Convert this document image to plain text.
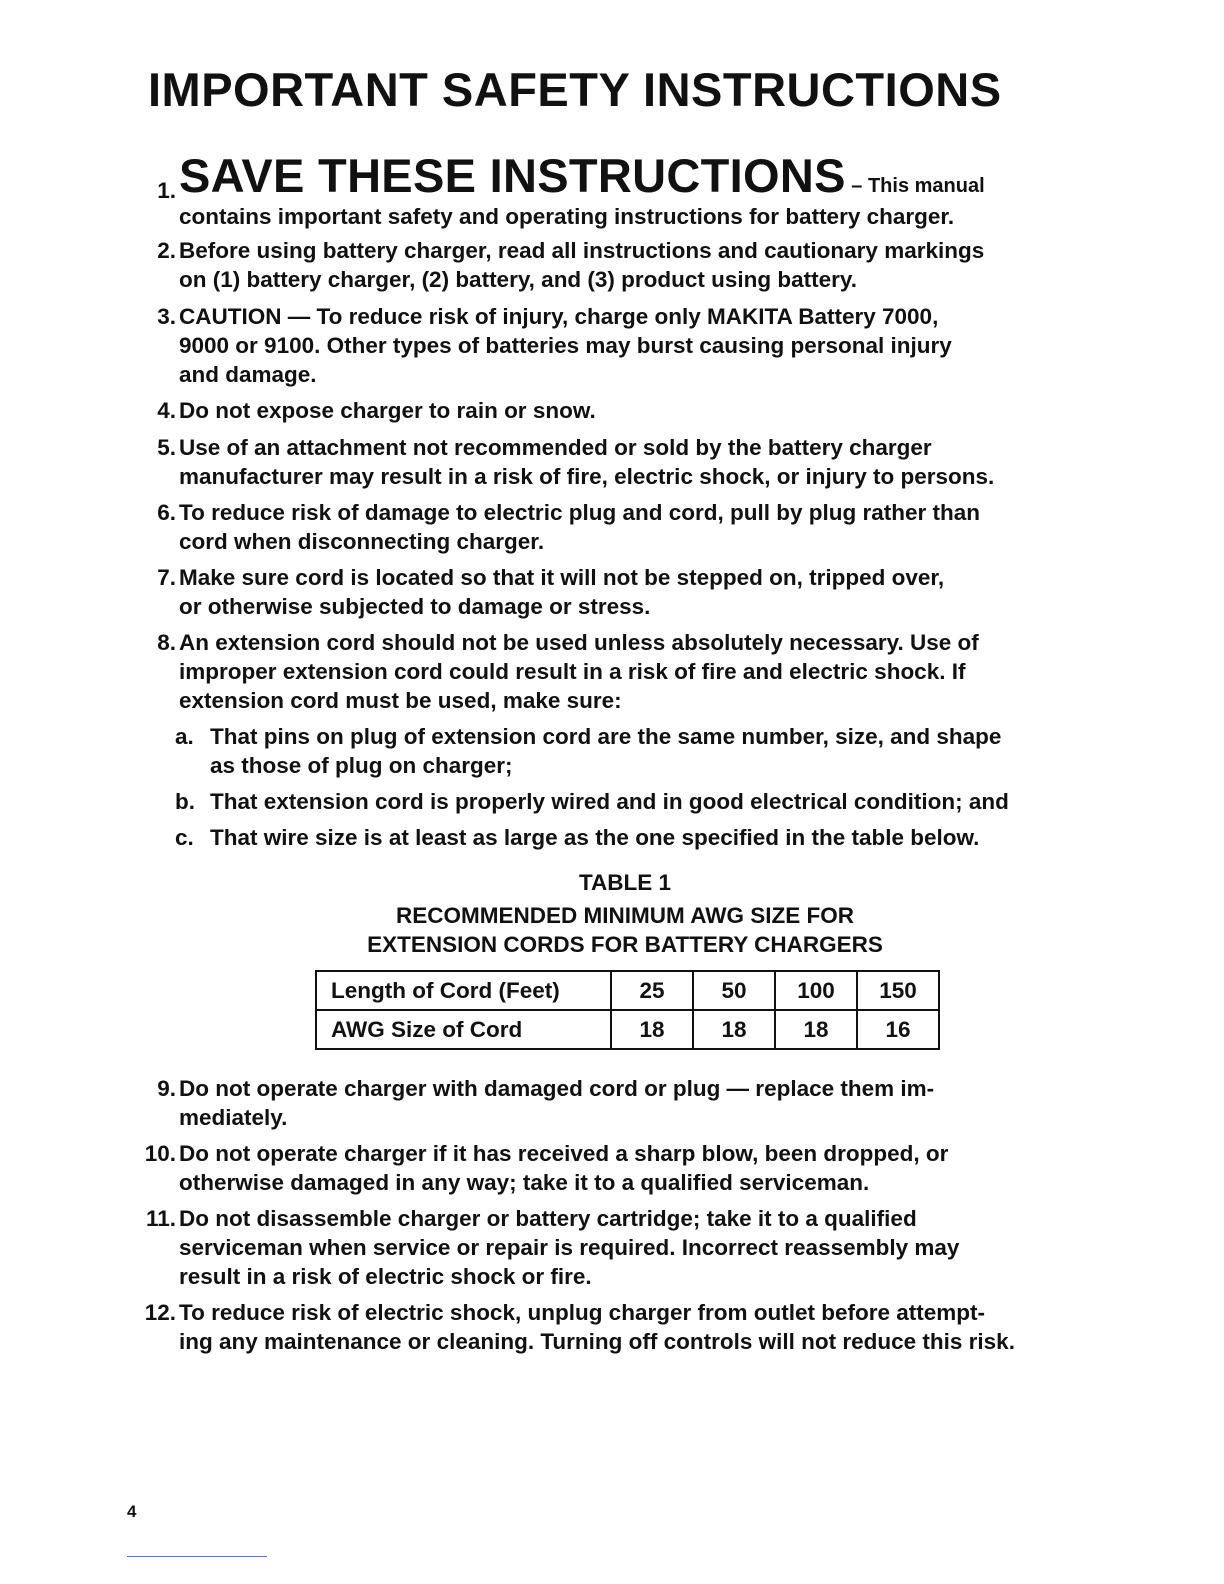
IMPORTANT SAFETY INSTRUCTIONS
1. SAVE THESE INSTRUCTIONS – This manual
contains important safety and operating instructions for battery charger.
2. Before using battery charger, read all instructions and cautionary markings
on (1) battery charger, (2) battery, and (3) product using battery.
3. CAUTION — To reduce risk of injury, charge only MAKITA Battery 7000,
9000 or 9100. Other types of batteries may burst causing personal injury
and damage.
4. Do not expose charger to rain or snow.
5. Use of an attachment not recommended or sold by the battery charger
manufacturer may result in a risk of fire, electric shock, or injury to persons.
6. To reduce risk of damage to electric plug and cord, pull by plug rather than
cord when disconnecting charger.
7. Make sure cord is located so that it will not be stepped on, tripped over,
or otherwise subjected to damage or stress.
8. An extension cord should not be used unless absolutely necessary. Use of
improper extension cord could result in a risk of fire and electric shock. If
extension cord must be used, make sure:
a. That pins on plug of extension cord are the same number, size, and shape
as those of plug on charger;
b. That extension cord is properly wired and in good electrical condition; and
c. That wire size is at least as large as the one specified in the table below.
TABLE 1
RECOMMENDED MINIMUM AWG SIZE FOR
EXTENSION CORDS FOR BATTERY CHARGERS
Length of Cord (Feet)	25	50	100	150
AWG Size of Cord	18	18	18	16
9. Do not operate charger with damaged cord or plug — replace them im-
mediately.
10. Do not operate charger if it has received a sharp blow, been dropped, or
otherwise damaged in any way; take it to a qualified serviceman.
11. Do not disassemble charger or battery cartridge; take it to a qualified
serviceman when service or repair is required. Incorrect reassembly may
result in a risk of electric shock or fire.
12. To reduce risk of electric shock, unplug charger from outlet before attempt-
ing any maintenance or cleaning. Turning off controls will not reduce this risk.
4
